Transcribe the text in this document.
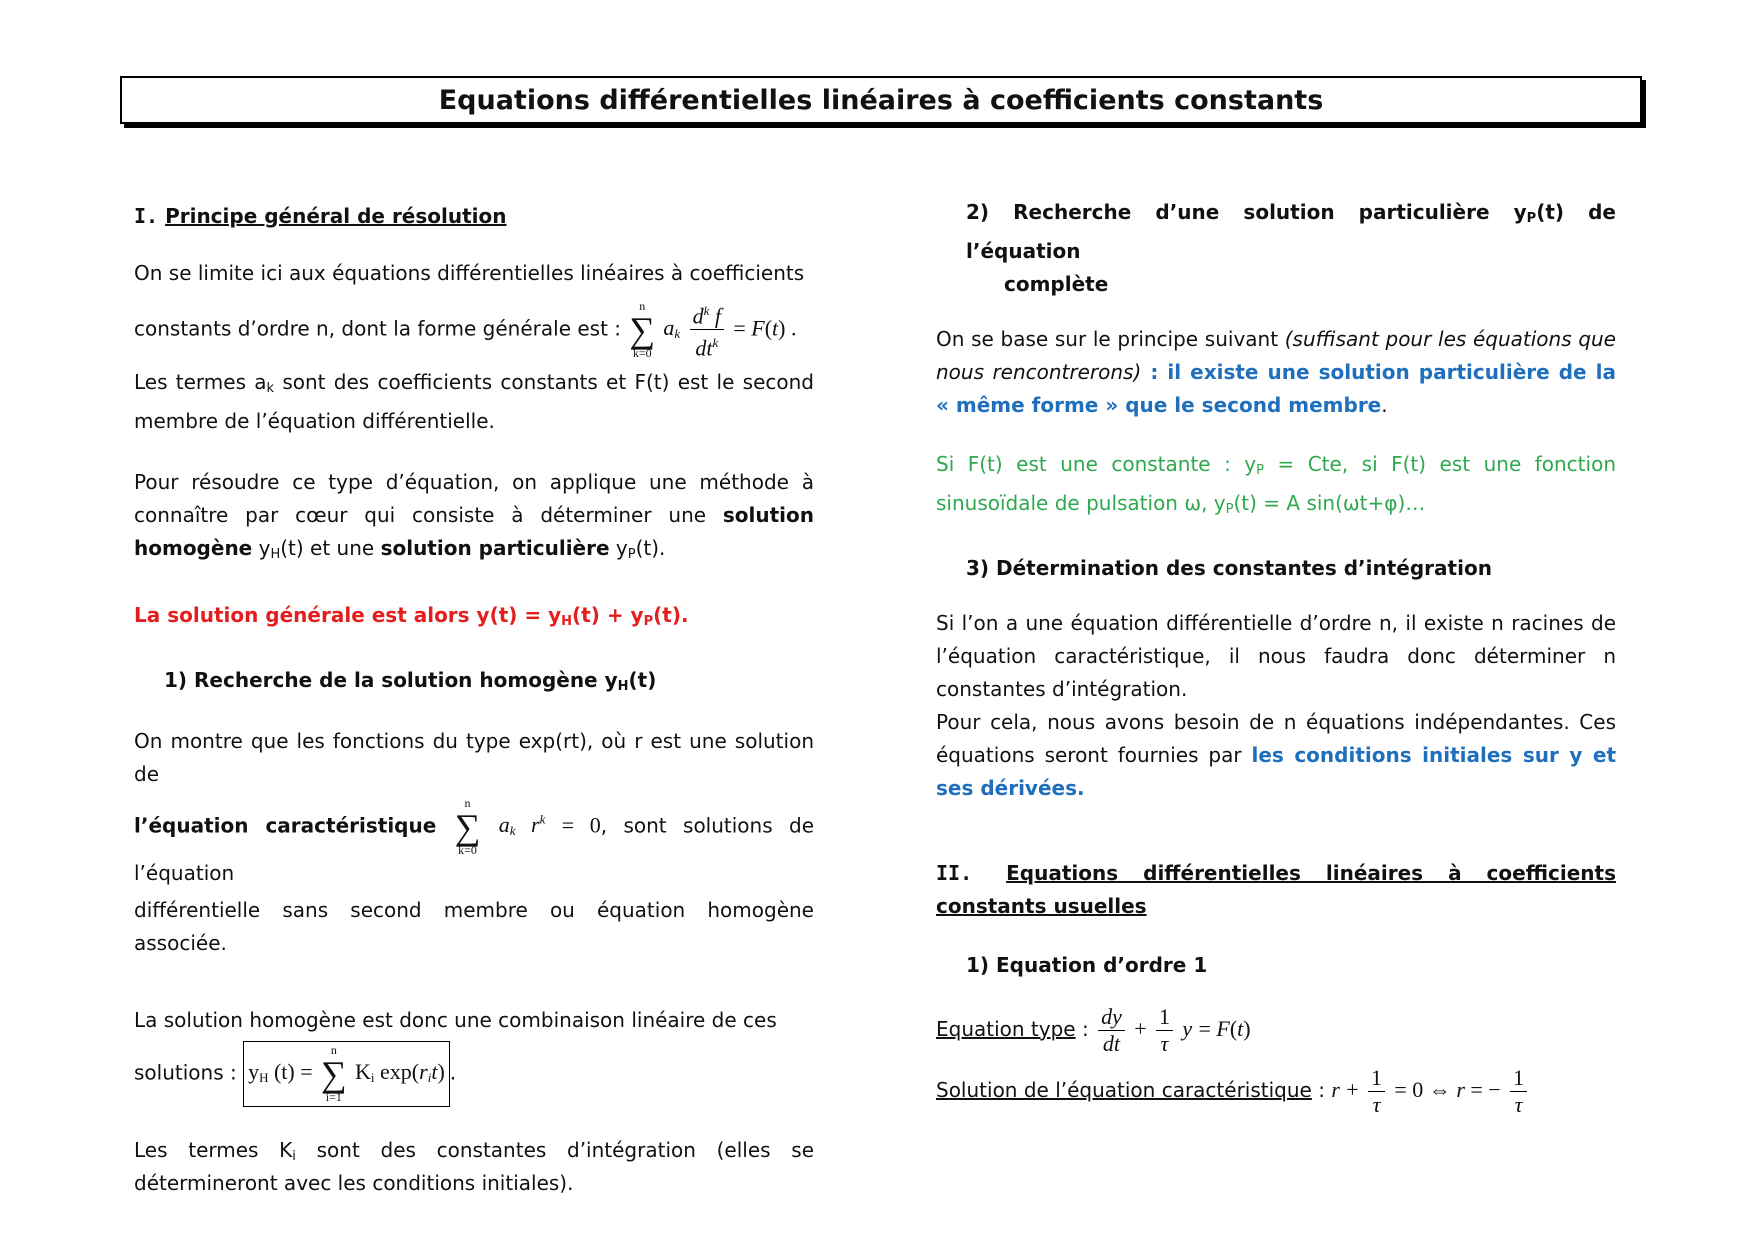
Equations différentielles linéaires à coefficients constants

I. Principe général de résolution

On se limite ici aux équations différentielles linéaires à coefficients

constants d’ordre n, dont la forme générale est :
n
∑
k=0
$a_k \frac{d^k f}{dt^k} = F(t)$ .

Les termes $a_k$ sont des coefficients constants et F(t) est le second membre de l’équation différentielle.

Pour résoudre ce type d’équation, on applique une méthode à connaître par cœur qui consiste à déterminer une solution homogène $y_H(t)$ et une solution particulière $y_P(t)$.

La solution générale est alors $y(t) = y_H(t) + y_P(t)$.

1) Recherche de la solution homogène $y_H(t)$

On montre que les fonctions du type exp(rt), où r est une solution de

l’équation caractéristique
n
∑
k=0
$a_k$ $r^k = 0$, sont solutions de l’équation

différentielle sans second membre ou équation homogène associée.

La solution homogène est donc une combinaison linéaire de ces

solutions : $y_H$ (t) =
n
∑
i=1
$K_i$ $\exp(r_it)$ .

Les termes $K_i$ sont des constantes d’intégration (elles se détermineront avec les conditions initiales).

2) Recherche d’une solution particulière $y_P(t)$ de l’équation

complète

On se base sur le principe suivant (suffisant pour les équations que nous rencontrerons) : il existe une solution particulière de la « même forme » que le second membre.

Si F(t) est une constante : $y_P$ = Cte, si F(t) est une fonction sinusoïdale de pulsation ω, $y_P(t) = A$ sin(ωt+φ)…

3) Détermination des constantes d’intégration

Si l’on a une équation différentielle d’ordre n, il existe n racines de l’équation caractéristique, il nous faudra donc déterminer n constantes d’intégration.

Pour cela, nous avons besoin de n équations indépendantes. Ces équations seront fournies par les conditions initiales sur y et ses dérivées.

II. Equations différentielles linéaires à coefficients constants usuelles

1) Equation d’ordre 1

Equation type : $\frac{dy}{dt} + \frac{1}{\tau}$ y = F(t)

Solution de l’équation caractéristique : $r + \frac{1}{\tau} = 0$ ⇔ r = − $\frac{1}{\tau}$
